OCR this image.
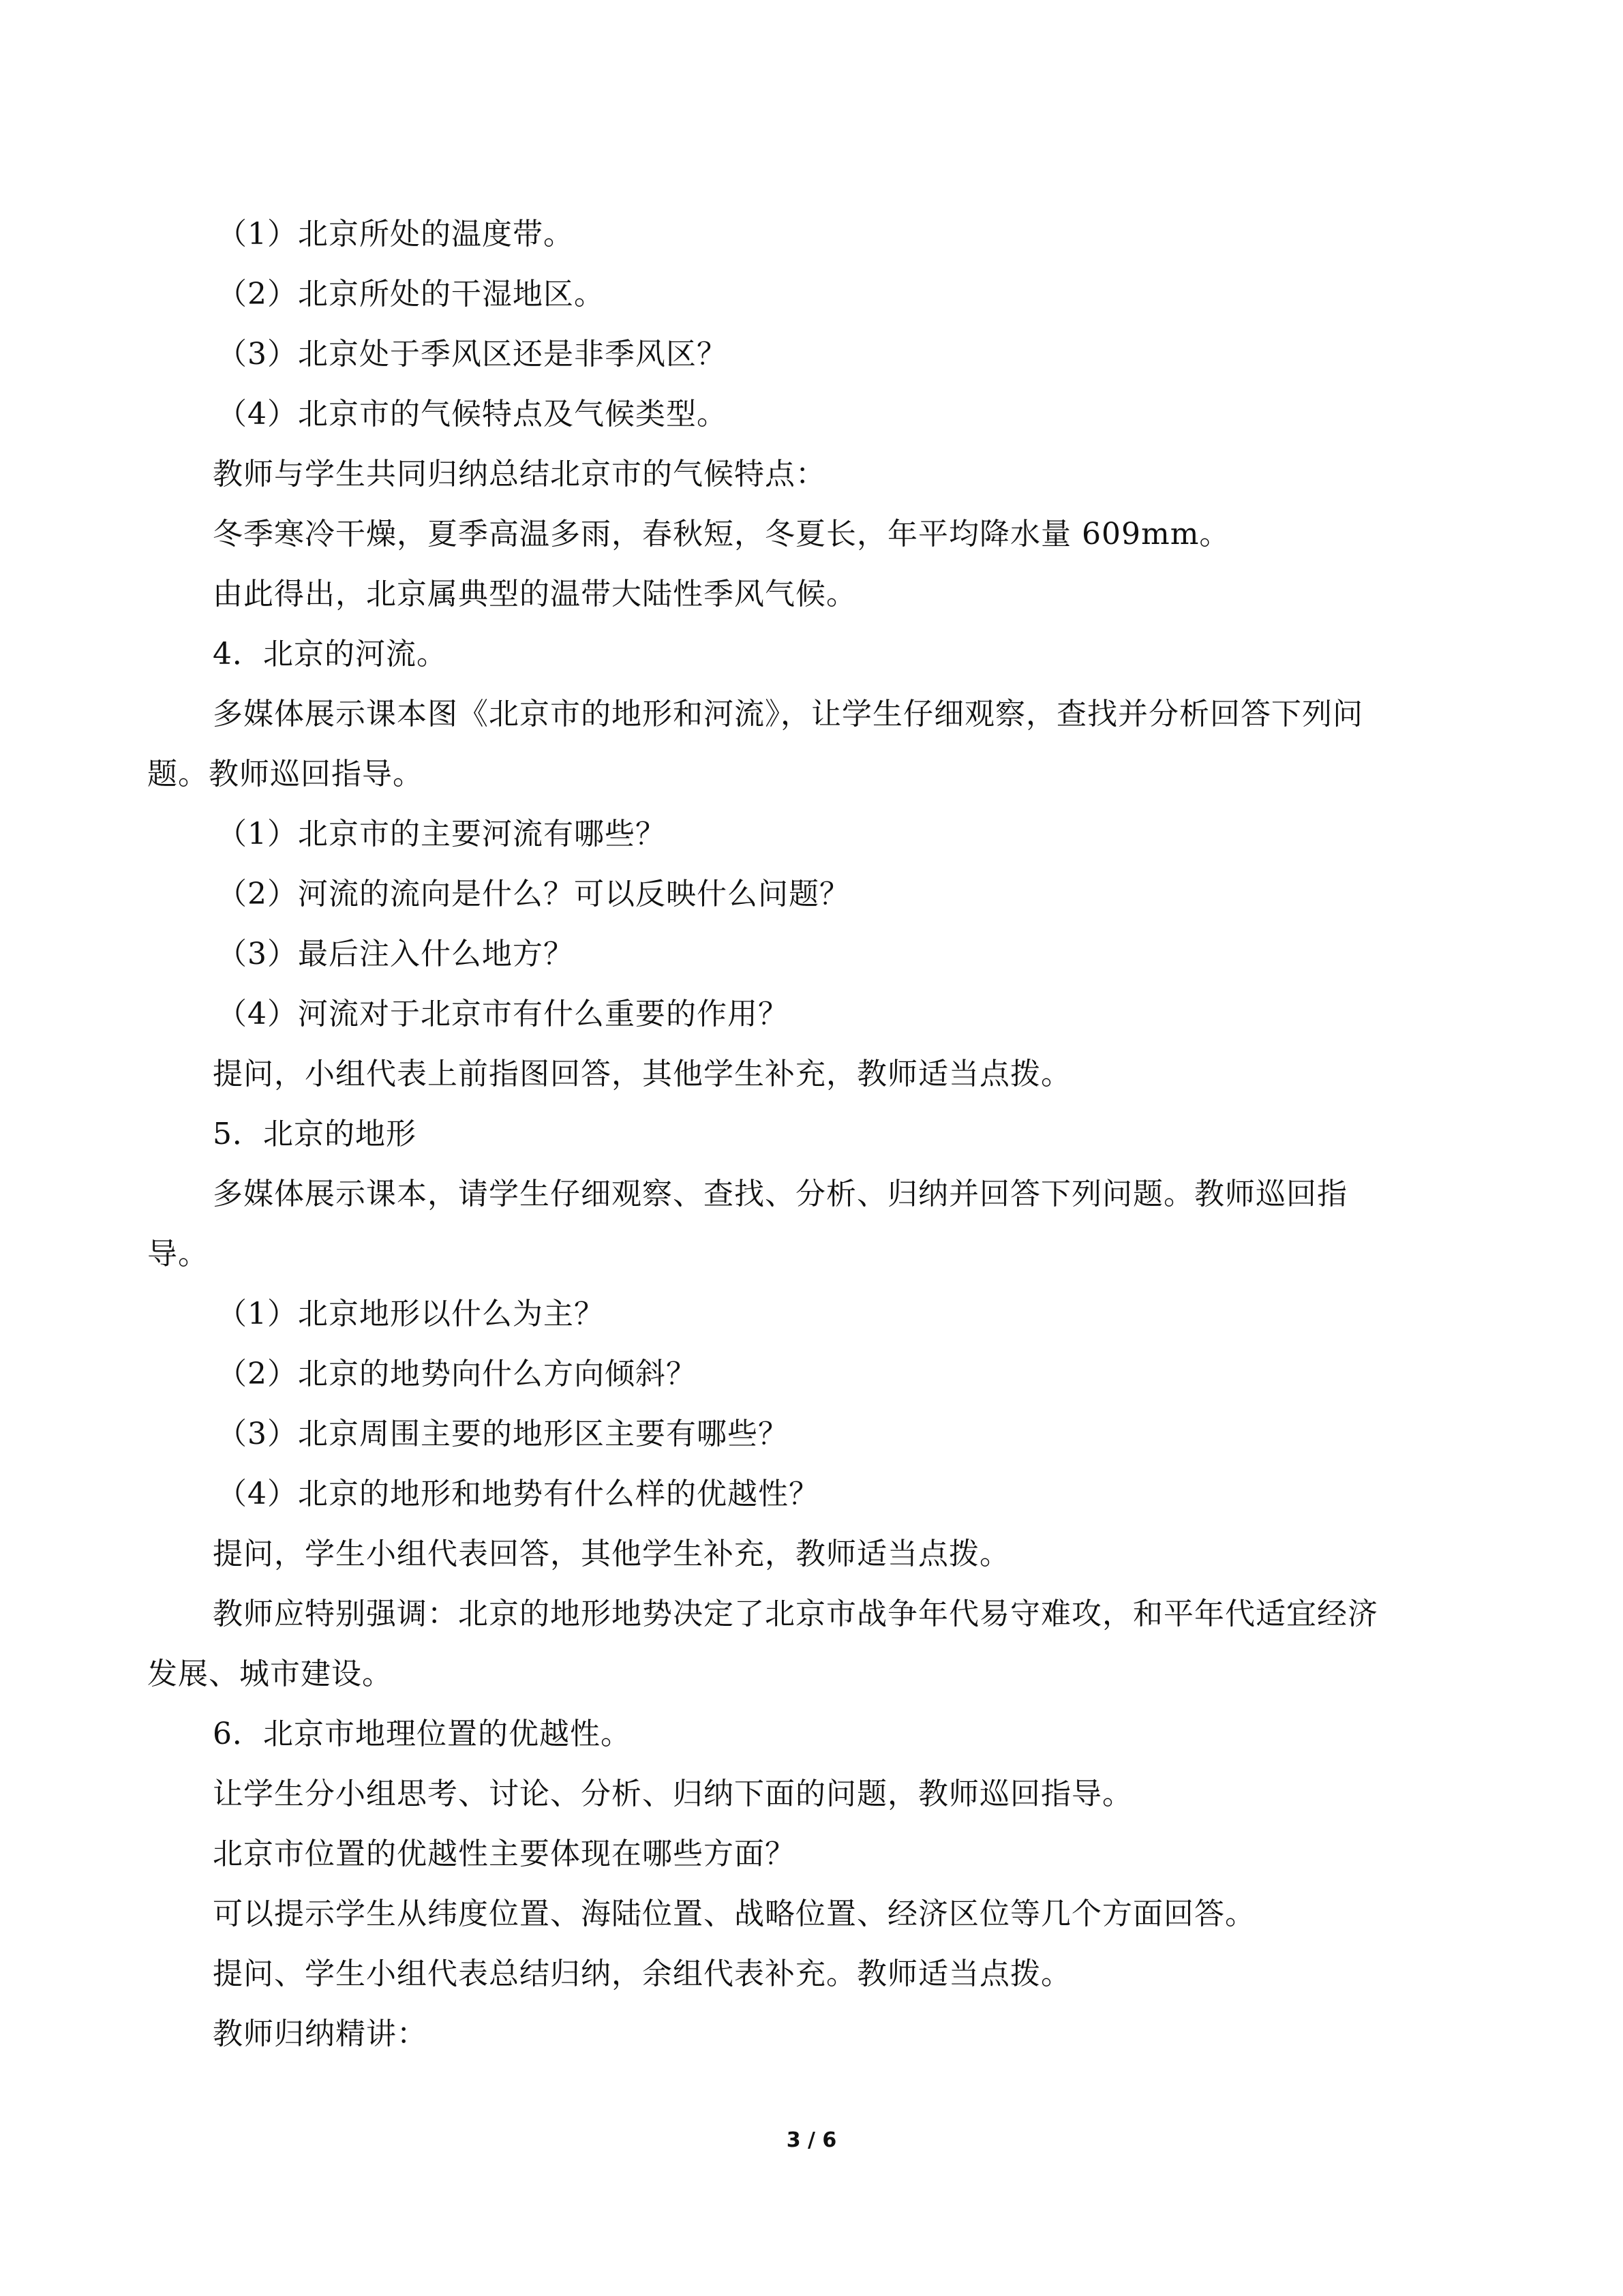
（1）北京所处的温度带。
（2）北京所处的干湿地区。
（3）北京处于季风区还是非季风区？
（4）北京市的气候特点及气候类型。
教师与学生共同归纳总结北京市的气候特点：
冬季寒冷干燥，夏季高温多雨，春秋短，冬夏长，年平均降水量 609mm。
由此得出，北京属典型的温带大陆性季风气候。
4．北京的河流。
多媒体展示课本图《北京市的地形和河流》，让学生仔细观察，查找并分析回答下列问
题。教师巡回指导。
（1）北京市的主要河流有哪些？
（2）河流的流向是什么？可以反映什么问题？
（3）最后注入什么地方？
（4）河流对于北京市有什么重要的作用？
提问，小组代表上前指图回答，其他学生补充，教师适当点拨。
5．北京的地形
多媒体展示课本，请学生仔细观察、查找、分析、归纳并回答下列问题。教师巡回指
导。
（1）北京地形以什么为主？
（2）北京的地势向什么方向倾斜？
（3）北京周围主要的地形区主要有哪些？
（4）北京的地形和地势有什么样的优越性？
提问，学生小组代表回答，其他学生补充，教师适当点拨。
教师应特别强调：北京的地形地势决定了北京市战争年代易守难攻，和平年代适宜经济
发展、城市建设。
6．北京市地理位置的优越性。
让学生分小组思考、讨论、分析、归纳下面的问题，教师巡回指导。
北京市位置的优越性主要体现在哪些方面？
可以提示学生从纬度位置、海陆位置、战略位置、经济区位等几个方面回答。
提问、学生小组代表总结归纳，余组代表补充。教师适当点拨。
教师归纳精讲：
3 / 6
